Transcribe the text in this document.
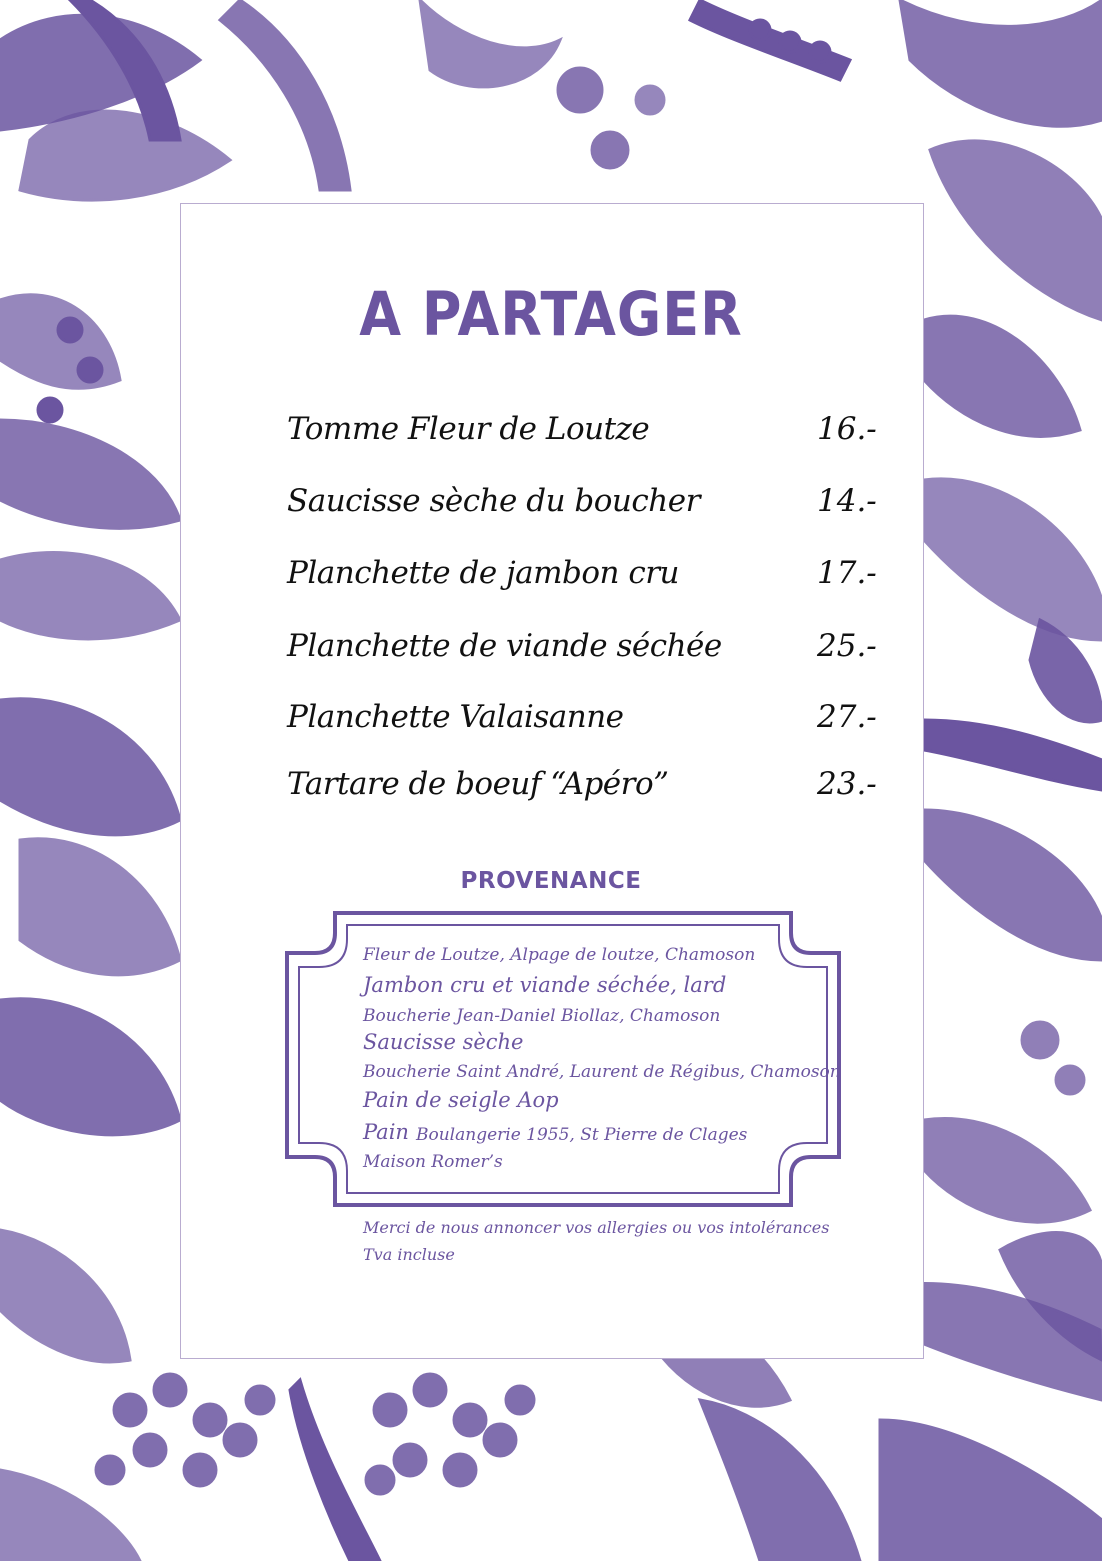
A PARTAGER
Tomme Fleur de Loutze	16.-
Saucisse sèche du boucher	14.-
Planchette de jambon cru	17.-
Planchette de viande séchée	25.-
Planchette Valaisanne	27.-
Tartare de boeuf “Apéro”	23.-
PROVENANCE
Fleur de Loutze, Alpage de loutze, Chamoson
Jambon cru et viande séchée, lard
Boucherie Jean-Daniel Biollaz, Chamoson
Saucisse sèche
Boucherie Saint André, Laurent de Régibus, Chamoson
Pain de seigle Aop
Pain Boulangerie 1955, St Pierre de Clages
Maison Romer’s
Merci de nous annoncer vos allergies ou vos intolérances
Tva incluse
